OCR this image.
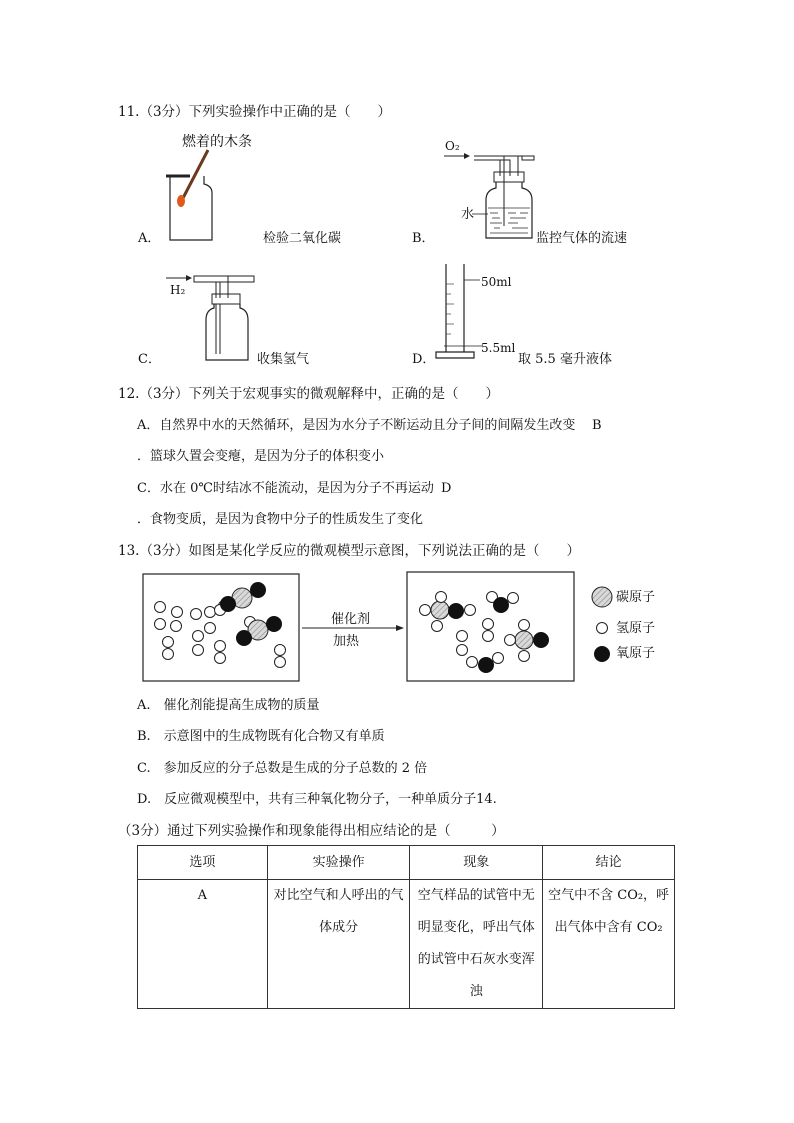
11.（3分）下列实验操作中正确的是（　　）
燃着的木条
A．	检验二氧化碳
O₂
水
B．	监控气体的流速
H₂
C．	收集氢气
50ml
5.5ml
D．	取 5.5 毫升液体
12.（3分）下列关于宏观事实的微观解释中，正确的是（　　）
A．自然界中水的天然循环，是因为水分子不断运动且分子间的间隔发生改变 B
．篮球久置会变瘪，是因为分子的体积变小
C．水在 0℃时结冰不能流动，是因为分子不再运动 D
．食物变质，是因为食物中分子的性质发生了变化
13.（3分）如图是某化学反应的微观模型示意图，下列说法正确的是（　　）
催化剂
加热
碳原子
氢原子
氧原子
A.　催化剂能提高生成物的质量
B.　示意图中的生成物既有化合物又有单质
C.　参加反应的分子总数是生成的分子总数的 2 倍
D.　反应微观模型中，共有三种氧化物分子，一种单质分子14.
（3分）通过下列实验操作和现象能得出相应结论的是（　　　）
选项	实验操作	现象	结论
A	对比空气和人呼出的气体成分	空气样品的试管中无明显变化，呼出气体的试管中石灰水变浑浊	空气中不含 CO₂，呼出气体中含有 CO₂
